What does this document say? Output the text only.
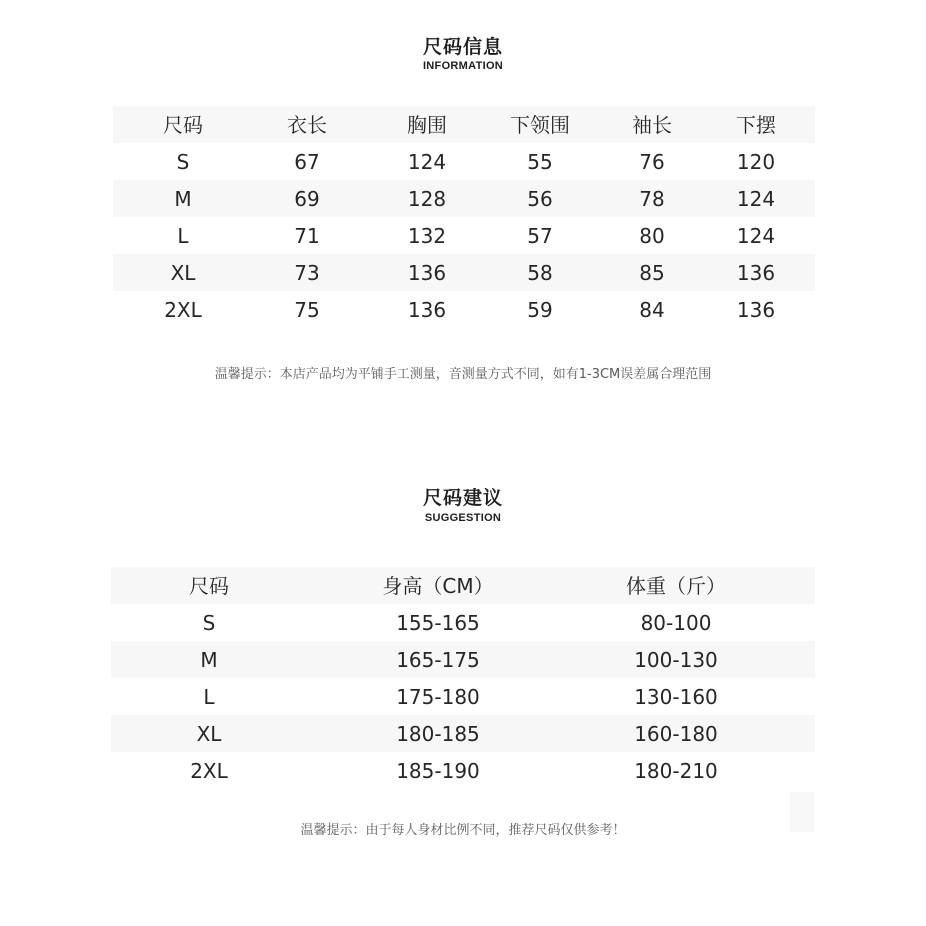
尺码信息
INFORMATION
尺码	衣长	胸围	下领围	袖长	下摆
S	67	124	55	76	120
M	69	128	56	78	124
L	71	132	57	80	124
XL	73	136	58	85	136
2XL	75	136	59	84	136
温馨提示：本店产品均为平铺手工测量，音测量方式不同，如有1-3CM误差属合理范围
尺码建议
SUGGESTION
尺码	身高（CM）	体重（斤）
S	155-165	80-100
M	165-175	100-130
L	175-180	130-160
XL	180-185	160-180
2XL	185-190	180-210
温馨提示：由于每人身材比例不同，推荐尺码仅供参考！
